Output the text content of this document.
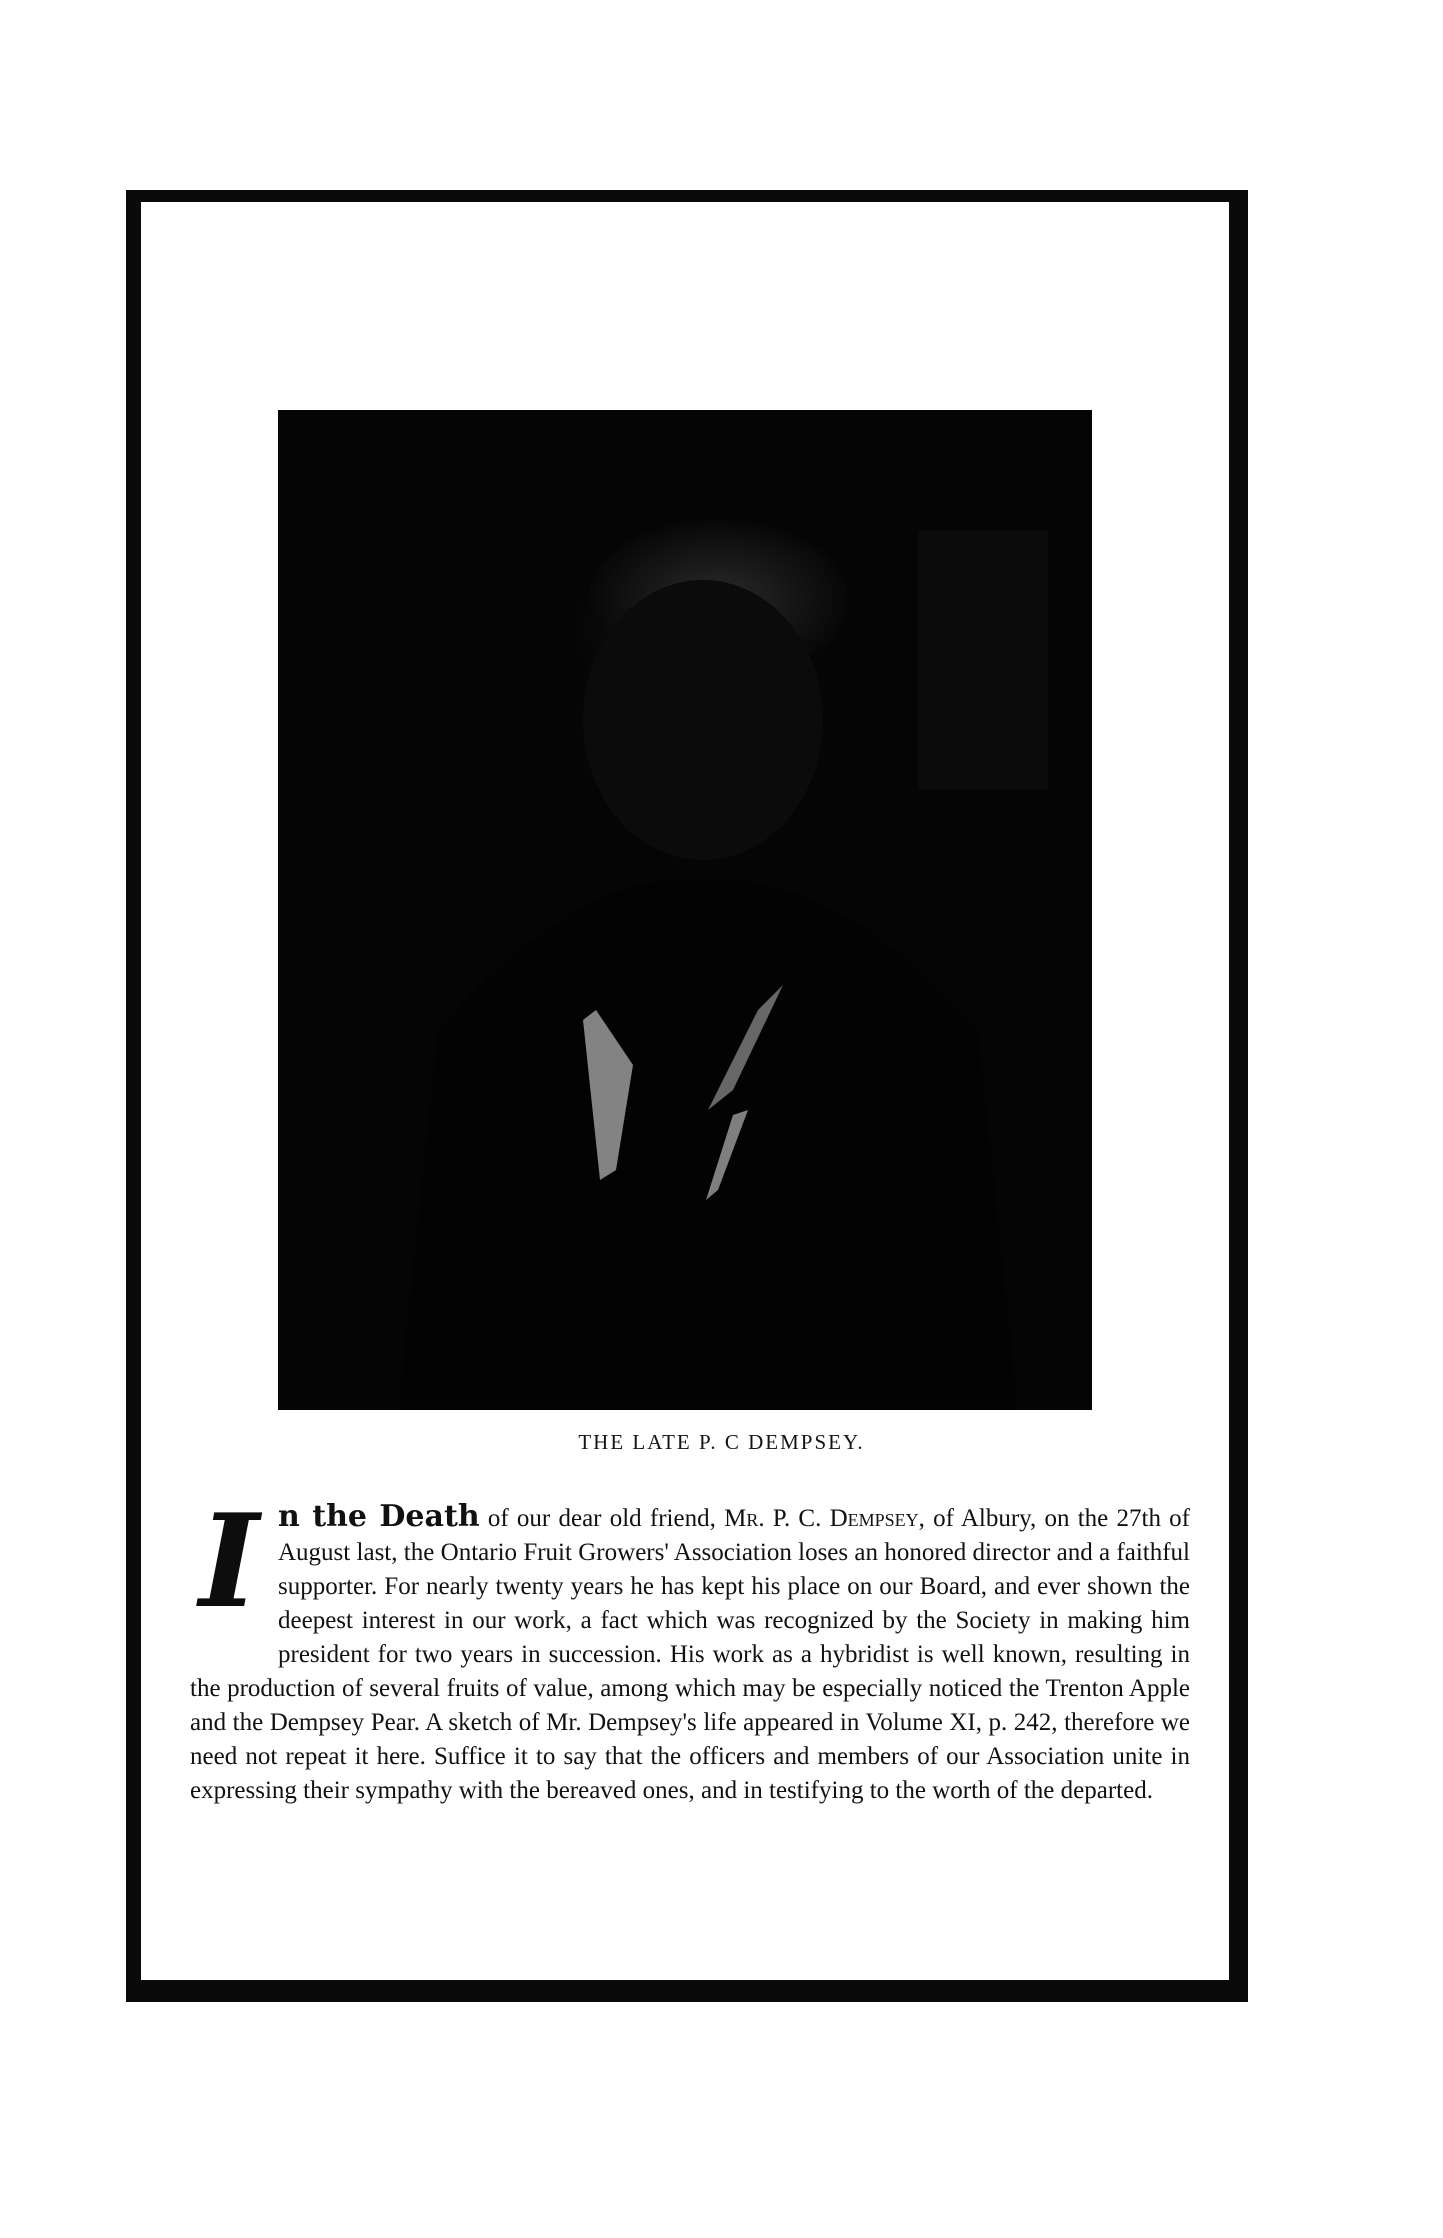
THE LATE P. C DEMPSEY.

In the Death of our dear old friend, Mr. P. C. Dempsey, of Albury, on the 27th of August last, the Ontario Fruit Growers' Association loses an honored director and a faithful supporter. For nearly twenty years he has kept his place on our Board, and ever shown the deepest interest in our work, a fact which was recognized by the Society in making him president for two years in succession. His work as a hybridist is well known, resulting in the production of several fruits of value, among which may be especially noticed the Trenton Apple and the Dempsey Pear. A sketch of Mr. Dempsey's life appeared in Volume XI, p. 242, therefore we need not repeat it here. Suffice it to say that the officers and members of our Association unite in expressing their sympathy with the bereaved ones, and in testifying to the worth of the departed.
